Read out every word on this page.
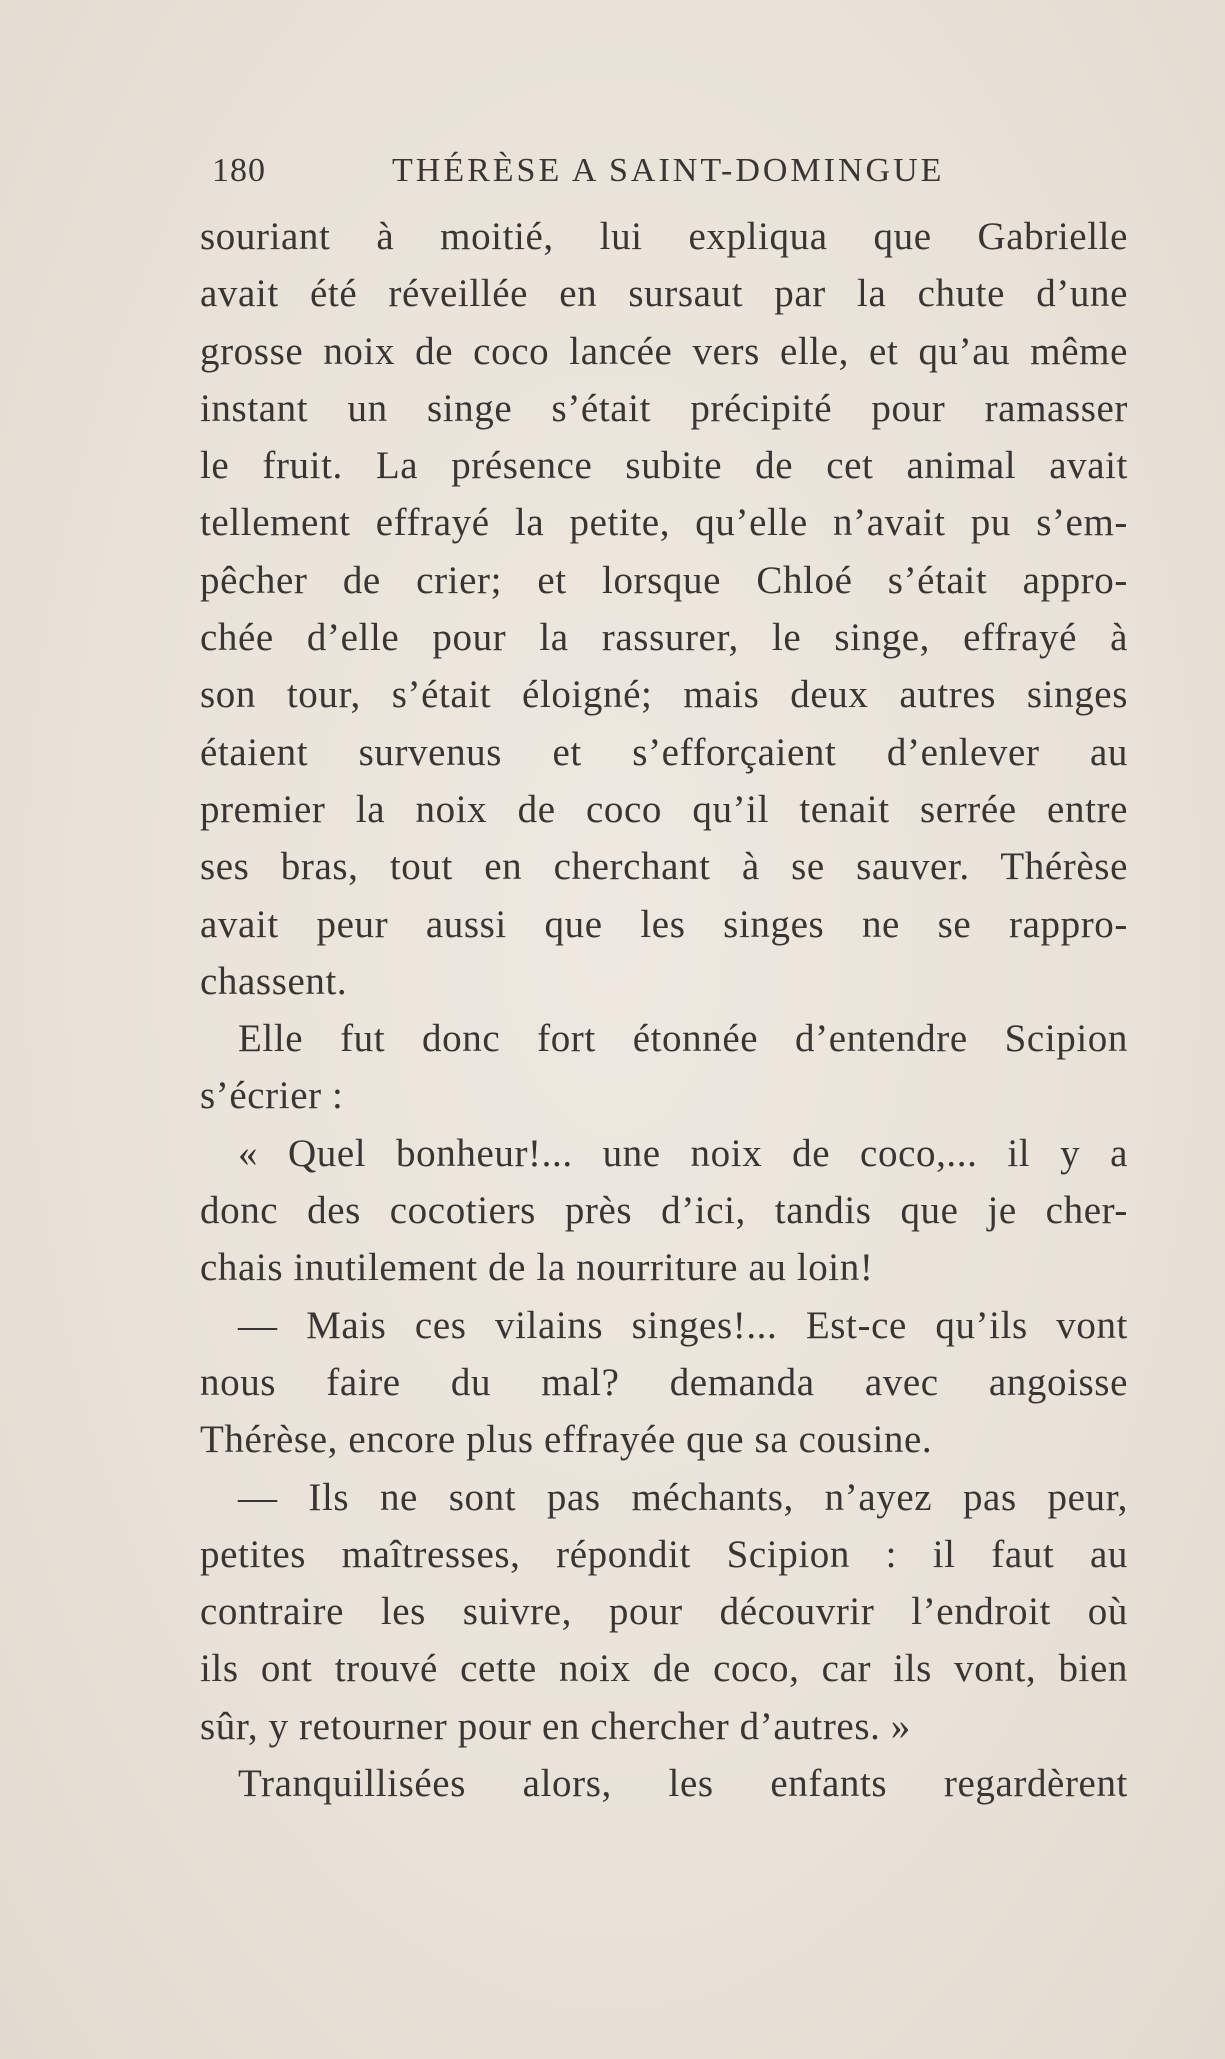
180	THÉRÈSE A SAINT-DOMINGUE
souriant à moitié, lui expliqua que Gabrielle
avait été réveillée en sursaut par la chute d’une
grosse noix de coco lancée vers elle, et qu’au même
instant un singe s’était précipité pour ramasser
le fruit. La présence subite de cet animal avait
tellement effrayé la petite, qu’elle n’avait pu s’em-
pêcher de crier; et lorsque Chloé s’était appro-
chée d’elle pour la rassurer, le singe, effrayé à
son tour, s’était éloigné; mais deux autres singes
étaient survenus et s’efforçaient d’enlever au
premier la noix de coco qu’il tenait serrée entre
ses bras, tout en cherchant à se sauver. Thérèse
avait peur aussi que les singes ne se rappro-
chassent.
Elle fut donc fort étonnée d’entendre Scipion
s’écrier :
« Quel bonheur!... une noix de coco,... il y a
donc des cocotiers près d’ici, tandis que je cher-
chais inutilement de la nourriture au loin!
— Mais ces vilains singes!... Est-ce qu’ils vont
nous faire du mal? demanda avec angoisse
Thérèse, encore plus effrayée que sa cousine.
— Ils ne sont pas méchants, n’ayez pas peur,
petites maîtresses, répondit Scipion : il faut au
contraire les suivre, pour découvrir l’endroit où
ils ont trouvé cette noix de coco, car ils vont, bien
sûr, y retourner pour en chercher d’autres. »
Tranquillisées alors, les enfants regardèrent
